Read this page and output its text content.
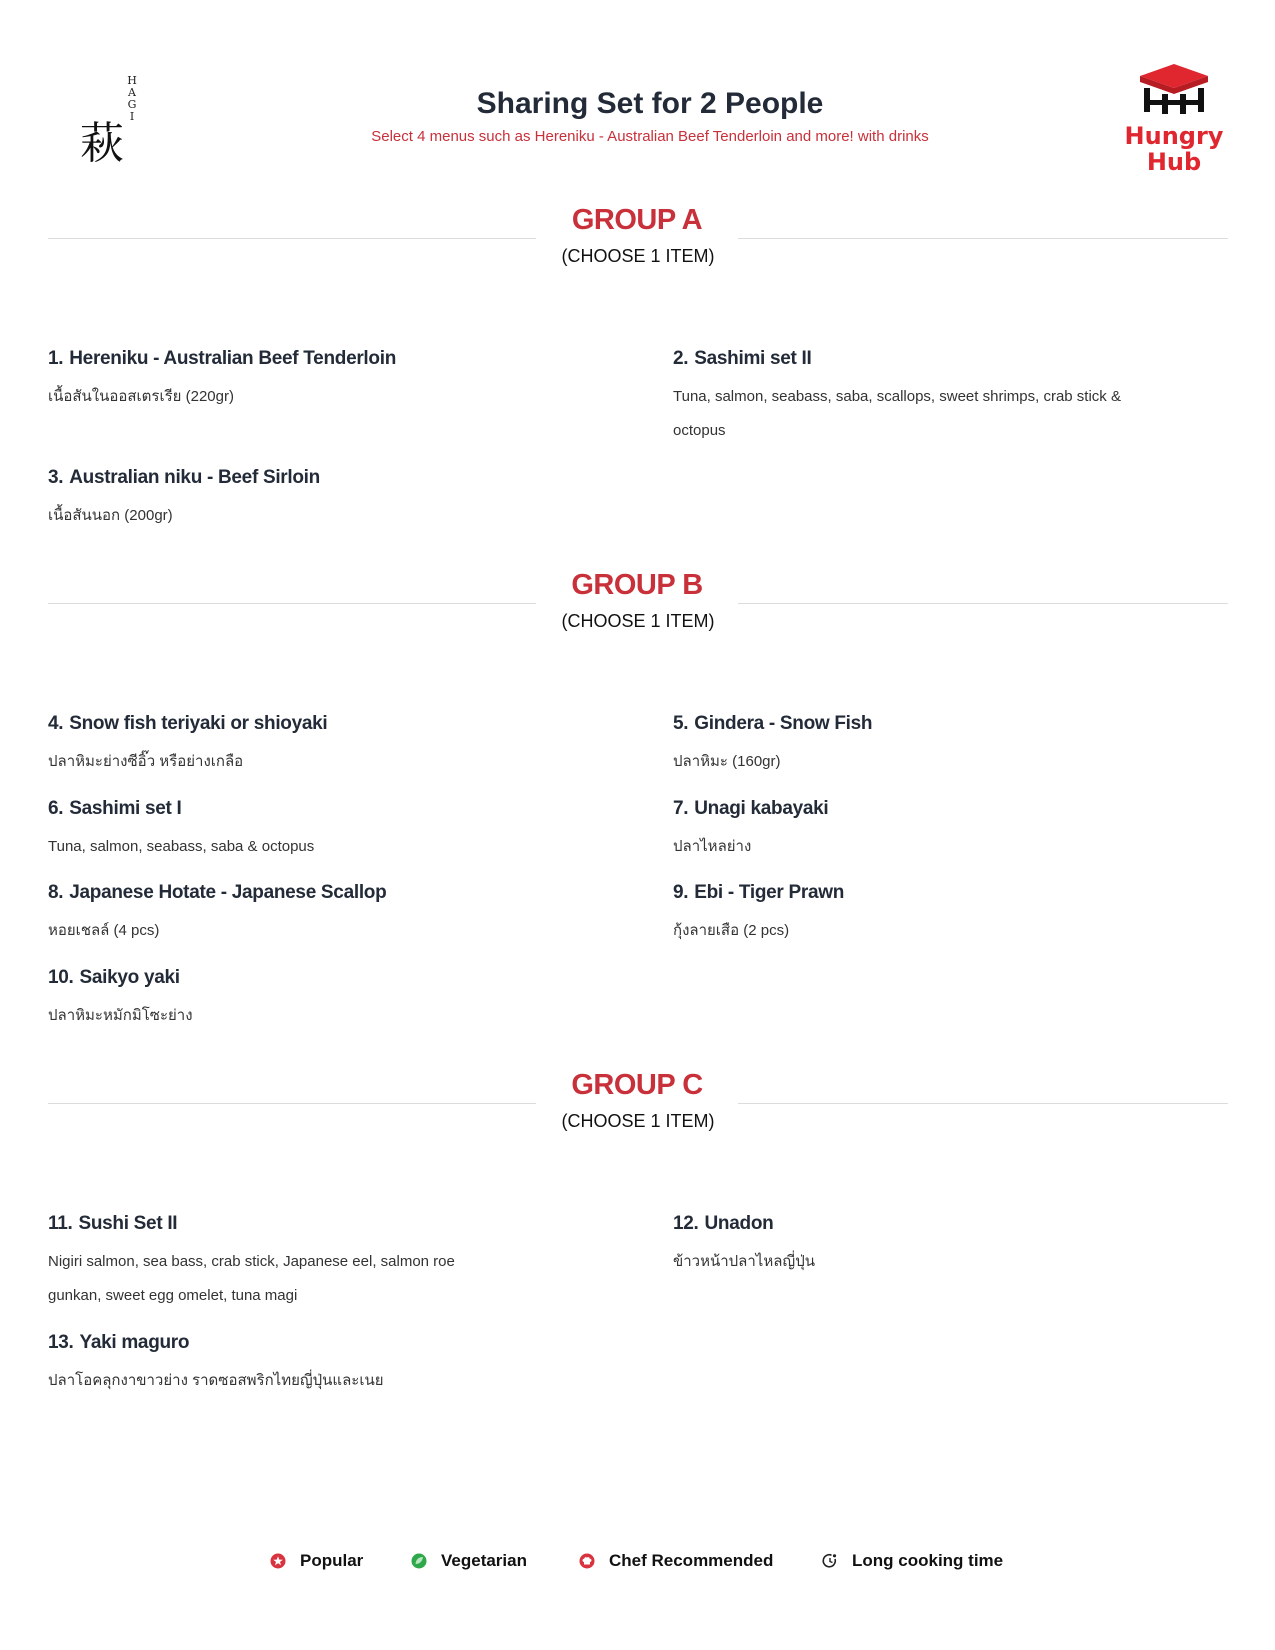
H
A
G
I
萩
Sharing Set for 2 People
Select 4 menus such as Hereniku - Australian Beef Tenderloin and more! with drinks	Hungry
Hub
GROUP A
(CHOOSE 1 ITEM)
1. Hereniku - Australian Beef Tenderloin
เนื้อสันในออสเตรเรีย (220gr)
2. Sashimi set II
Tuna, salmon, seabass, saba, scallops, sweet shrimps, crab stick &
octopus
3. Australian niku - Beef Sirloin
เนื้อสันนอก (200gr)
GROUP B
(CHOOSE 1 ITEM)
4. Snow fish teriyaki or shioyaki
ปลาหิมะย่างซีอิ๊ว หรือย่างเกลือ
5. Gindera - Snow Fish
ปลาหิมะ (160gr)
6. Sashimi set I
Tuna, salmon, seabass, saba & octopus
7. Unagi kabayaki
ปลาไหลย่าง
8. Japanese Hotate - Japanese Scallop
หอยเชลล์ (4 pcs)
9. Ebi - Tiger Prawn
กุ้งลายเสือ (2 pcs)
10. Saikyo yaki
ปลาหิมะหมักมิโซะย่าง
GROUP C
(CHOOSE 1 ITEM)
11. Sushi Set II
Nigiri salmon, sea bass, crab stick, Japanese eel, salmon roe
gunkan, sweet egg omelet, tuna magi
12. Unadon
ข้าวหน้าปลาไหลญี่ปุ่น
13. Yaki maguro
ปลาโอคลุกงาขาวย่าง ราดซอสพริกไทยญี่ปุ่นและเนย
Popular	Vegetarian	Chef Recommended	Long cooking time
